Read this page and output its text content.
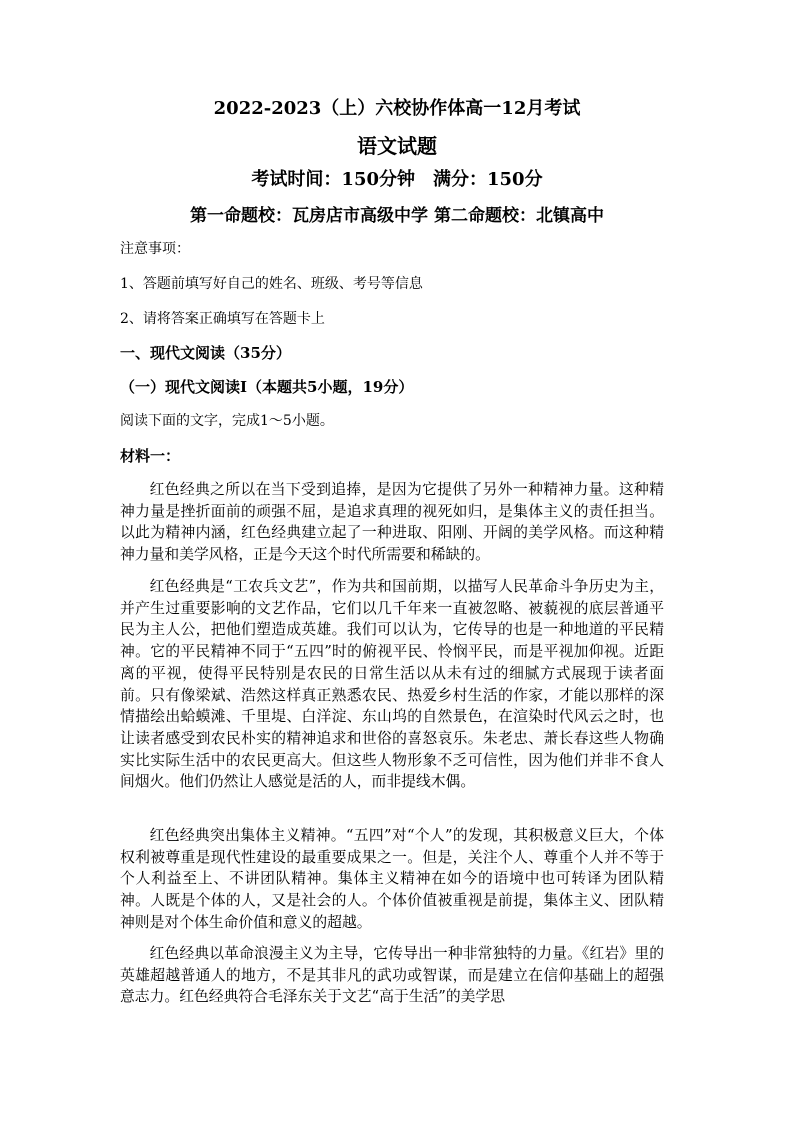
2022-2023（上）六校协作体高一12月考试

语文试题

考试时间：150分钟　满分：150分

第一命题校：瓦房店市高级中学 第二命题校：北镇高中

注意事项：

1、答题前填写好自己的姓名、班级、考号等信息

2、请将答案正确填写在答题卡上

一、现代文阅读（35分）

（一）现代文阅读Ⅰ（本题共5小题，19分）

阅读下面的文字，完成1～5小题。

材料一：

红色经典之所以在当下受到追捧，是因为它提供了另外一种精神力量。这种精神力量是挫折面前的顽强不屈，是追求真理的视死如归，是集体主义的责任担当。以此为精神内涵，红色经典建立起了一种进取、阳刚、开阔的美学风格。而这种精神力量和美学风格，正是今天这个时代所需要和稀缺的。

红色经典是“工农兵文艺”，作为共和国前期，以描写人民革命斗争历史为主，并产生过重要影响的文艺作品，它们以几千年来一直被忽略、被藐视的底层普通平民为主人公，把他们塑造成英雄。我们可以认为，它传导的也是一种地道的平民精神。它的平民精神不同于“五四”时的俯视平民、怜悯平民，而是平视加仰视。近距离的平视，使得平民特别是农民的日常生活以从未有过的细腻方式展现于读者面前。只有像梁斌、浩然这样真正熟悉农民、热爱乡村生活的作家，才能以那样的深情描绘出蛤蟆滩、千里堤、白洋淀、东山坞的自然景色，在渲染时代风云之时，也让读者感受到农民朴实的精神追求和世俗的喜怒哀乐。朱老忠、萧长春这些人物确实比实际生活中的农民更高大。但这些人物形象不乏可信性，因为他们并非不食人间烟火。他们仍然让人感觉是活的人，而非提线木偶。

红色经典突出集体主义精神。“五四”对“个人”的发现，其积极意义巨大，个体权利被尊重是现代性建设的最重要成果之一。但是，关注个人、尊重个人并不等于个人利益至上、不讲团队精神。集体主义精神在如今的语境中也可转译为团队精神。人既是个体的人，又是社会的人。个体价值被重视是前提，集体主义、团队精神则是对个体生命价值和意义的超越。

红色经典以革命浪漫主义为主导，它传导出一种非常独特的力量。《红岩》里的英雄超越普通人的地方，不是其非凡的武功或智谋，而是建立在信仰基础上的超强意志力。红色经典符合毛泽东关于文艺“高于生活”的美学思
